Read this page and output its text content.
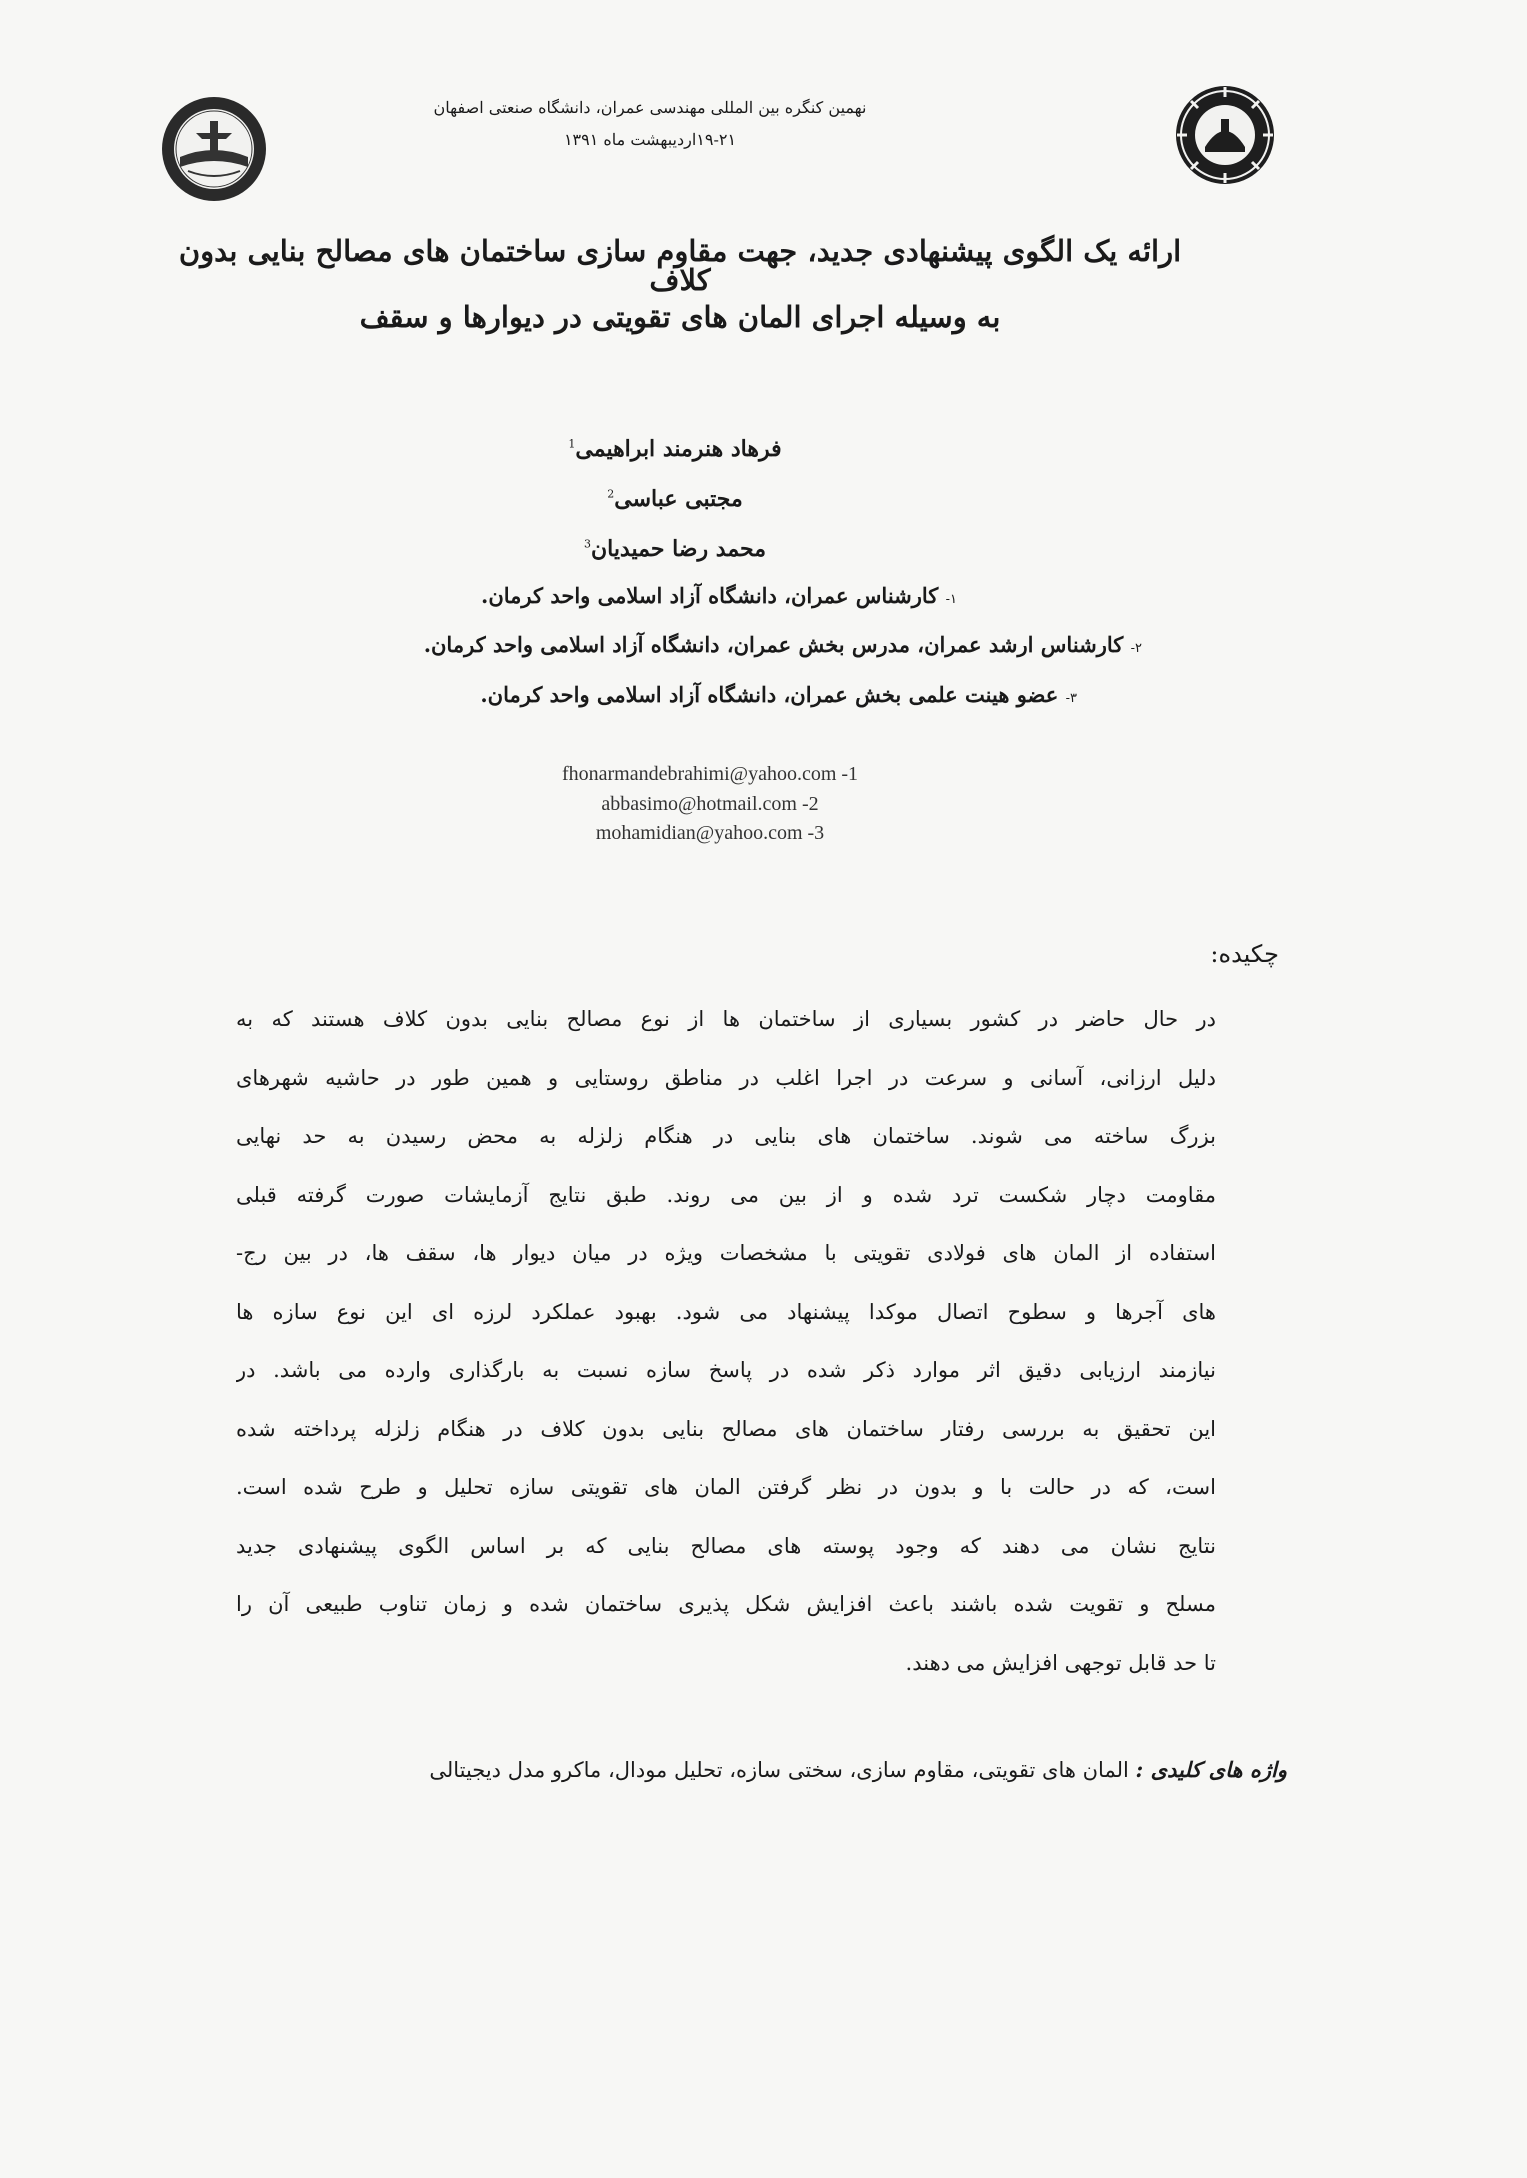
نهمین کنگره بین المللی مهندسی عمران، دانشگاه صنعتی اصفهان
۱۹-۲۱اردیبهشت ماه ۱۳۹۱
ارائه یک الگوی پیشنهادی جدید، جهت مقاوم سازی ساختمان های مصالح بنایی بدون کلاف
به وسیله اجرای المان های تقویتی در دیوارها و سقف
فرهاد هنرمند ابراهیمی$^1$
مجتبی عباسی$^2$
محمد رضا حمیدیان$^3$
۱- کارشناس عمران، دانشگاه آزاد اسلامی واحد کرمان.
۲- کارشناس ارشد عمران، مدرس بخش عمران، دانشگاه آزاد اسلامی واحد کرمان.
۳- عضو هینت علمی بخش عمران، دانشگاه آزاد اسلامی واحد کرمان.
fhonarmandebrahimi@yahoo.com -1
abbasimo@hotmail.com -2
mohamidian@yahoo.com -3
چکیده:
در حال حاضر در کشور بسیاری از ساختمان ها از نوع مصالح بنایی بدون کلاف هستند که به
دلیل ارزانی، آسانی و سرعت در اجرا اغلب در مناطق روستایی و همین طور در حاشیه شهرهای
بزرگ ساخته می شوند. ساختمان های بنایی در هنگام زلزله به محض رسیدن به حد نهایی
مقاومت دچار شکست ترد شده و از بین می روند. طبق نتایج آزمایشات صورت گرفته قبلی
استفاده از المان های فولادی تقویتی با مشخصات ویژه در میان دیوار ها، سقف ها، در بین رج-
های آجرها و سطوح اتصال موکدا پیشنهاد می شود. بهبود عملکرد لرزه ای این نوع سازه ها
نیازمند ارزیابی دقیق اثر موارد ذکر شده در پاسخ سازه نسبت به بارگذاری وارده می باشد. در
این تحقیق به بررسی رفتار ساختمان های مصالح بنایی بدون کلاف در هنگام زلزله پرداخته شده
است، که در حالت با و بدون در نظر گرفتن المان های تقویتی سازه تحلیل و طرح شده است.
نتایج نشان می دهند که وجود پوسته های مصالح بنایی که بر اساس الگوی پیشنهادی جدید
مسلح و تقویت شده باشند باعث افزایش شکل پذیری ساختمان شده و زمان تناوب طبیعی آن را
تا حد قابل توجهی افزایش می دهند.
واژه های کلیدی : المان های تقویتی، مقاوم سازی، سختی سازه، تحلیل مودال، ماکرو مدل دیجیتالی
